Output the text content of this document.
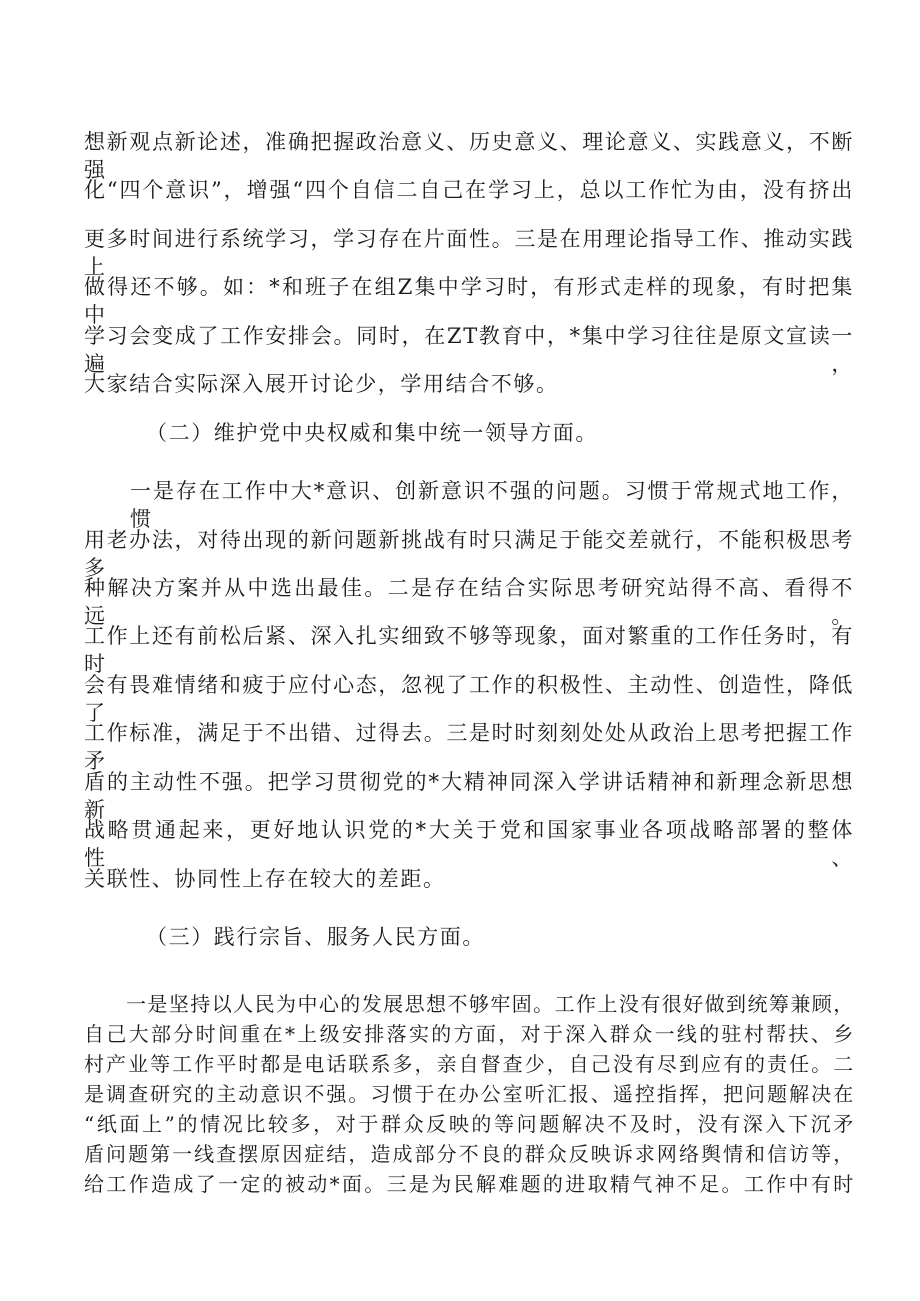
想新观点新论述，准确把握政治意义、历史意义、理论意义、实践意义，不断强
化“四个意识”，增强“四个自信二自己在学习上，总以工作忙为由，没有挤出
更多时间进行系统学习，学习存在片面性。三是在用理论指导工作、推动实践上
做得还不够。如：*和班子在组Z集中学习时，有形式走样的现象，有时把集中
学习会变成了工作安排会。同时，在ZT教育中，*集中学习往往是原文宣读一遍，
大家结合实际深入展开讨论少，学用结合不够。
（二）维护党中央权威和集中统一领导方面。
一是存在工作中大*意识、创新意识不强的问题。习惯于常规式地工作，惯
用老办法，对待出现的新问题新挑战有时只满足于能交差就行，不能积极思考多
种解决方案并从中选出最佳。二是存在结合实际思考研究站得不高、看得不远。
工作上还有前松后紧、深入扎实细致不够等现象，面对繁重的工作任务时，有时
会有畏难情绪和疲于应付心态，忽视了工作的积极性、主动性、创造性，降低了
工作标准，满足于不出错、过得去。三是时时刻刻处处从政治上思考把握工作矛
盾的主动性不强。把学习贯彻党的*大精神同深入学讲话精神和新理念新思想新
战略贯通起来，更好地认识党的*大关于党和国家事业各项战略部署的整体性、
关联性、协同性上存在较大的差距。
（三）践行宗旨、服务人民方面。
一是坚持以人民为中心的发展思想不够牢固。工作上没有很好做到统筹兼顾，
自己大部分时间重在*上级安排落实的方面，对于深入群众一线的驻村帮扶、乡
村产业等工作平时都是电话联系多，亲自督查少，自己没有尽到应有的责任。二
是调查研究的主动意识不强。习惯于在办公室听汇报、遥控指挥，把问题解决在
“纸面上”的情况比较多，对于群众反映的等问题解决不及时，没有深入下沉矛
盾问题第一线查摆原因症结，造成部分不良的群众反映诉求网络舆情和信访等，
给工作造成了一定的被动*面。三是为民解难题的进取精气神不足。工作中有时
